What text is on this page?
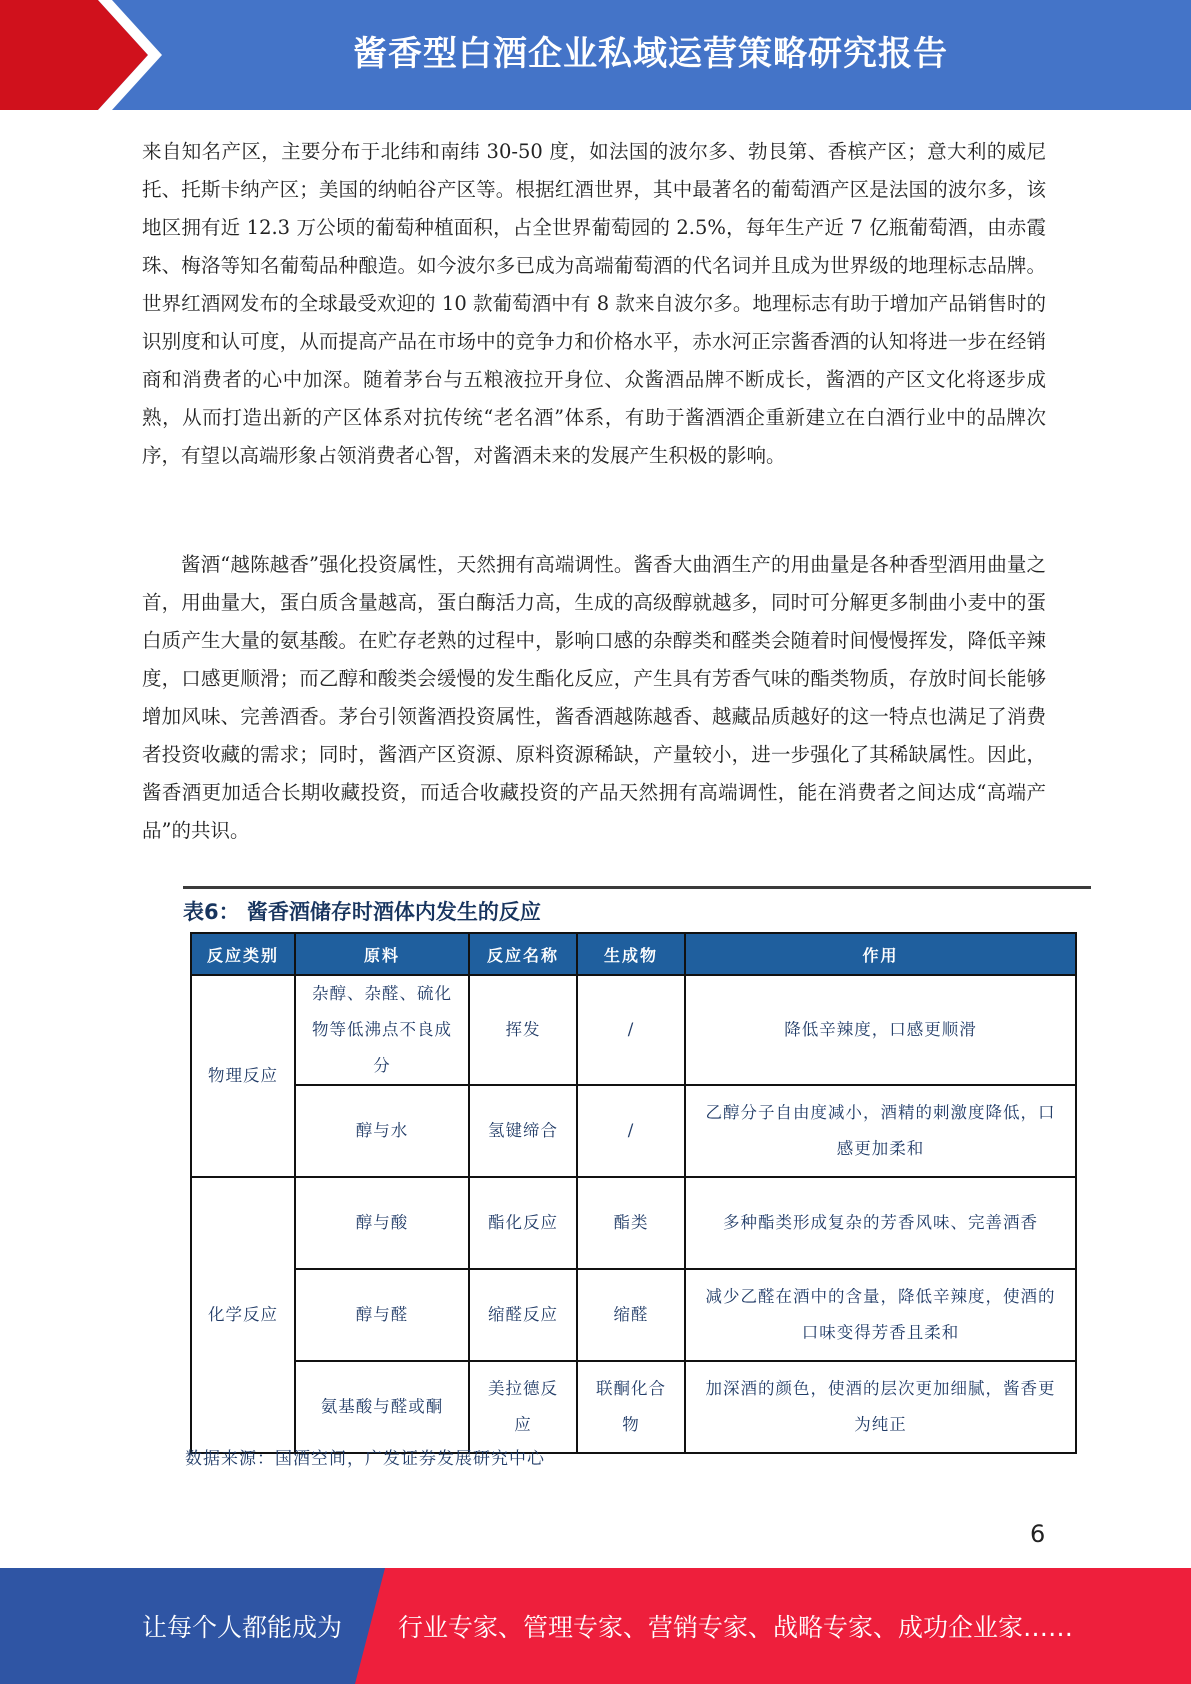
酱香型白酒企业私域运营策略研究报告
来自知名产区，主要分布于北纬和南纬 30-50 度，如法国的波尔多、勃艮第、香槟产区；意大利的威尼托、托斯卡纳产区；美国的纳帕谷产区等。根据红酒世界，其中最著名的葡萄酒产区是法国的波尔多，该地区拥有近 12.3 万公顷的葡萄种植面积，占全世界葡萄园的 2.5%，每年生产近 7 亿瓶葡萄酒，由赤霞珠、梅洛等知名葡萄品种酿造。如今波尔多已成为高端葡萄酒的代名词并且成为世界级的地理标志品牌。世界红酒网发布的全球最受欢迎的 10 款葡萄酒中有 8 款来自波尔多。地理标志有助于增加产品销售时的识别度和认可度，从而提高产品在市场中的竞争力和价格水平，赤水河正宗酱香酒的认知将进一步在经销商和消费者的心中加深。随着茅台与五粮液拉开身位、众酱酒品牌不断成长，酱酒的产区文化将逐步成熟，从而打造出新的产区体系对抗传统“老名酒”体系，有助于酱酒酒企重新建立在白酒行业中的品牌次序，有望以高端形象占领消费者心智，对酱酒未来的发展产生积极的影响。
酱酒“越陈越香”强化投资属性，天然拥有高端调性。酱香大曲酒生产的用曲量是各种香型酒用曲量之首，用曲量大，蛋白质含量越高，蛋白酶活力高，生成的高级醇就越多，同时可分解更多制曲小麦中的蛋白质产生大量的氨基酸。在贮存老熟的过程中，影响口感的杂醇类和醛类会随着时间慢慢挥发，降低辛辣度，口感更顺滑；而乙醇和酸类会缓慢的发生酯化反应，产生具有芳香气味的酯类物质，存放时间长能够增加风味、完善酒香。茅台引领酱酒投资属性，酱香酒越陈越香、越藏品质越好的这一特点也满足了消费者投资收藏的需求；同时，酱酒产区资源、原料资源稀缺，产量较小，进一步强化了其稀缺属性。因此，酱香酒更加适合长期收藏投资，而适合收藏投资的产品天然拥有高端调性，能在消费者之间达成“高端产品”的共识。
表6： 酱香酒储存时酒体内发生的反应
反应类别	原料	反应名称	生成物	作用
物理反应	杂醇、杂醛、硫化物等低沸点不良成分	挥发	/	降低辛辣度，口感更顺滑
	醇与水	氢键缔合	/	乙醇分子自由度减小，酒精的刺激度降低，口感更加柔和
化学反应	醇与酸	酯化反应	酯类	多种酯类形成复杂的芳香风味、完善酒香
	醇与醛	缩醛反应	缩醛	减少乙醛在酒中的含量，降低辛辣度，使酒的口味变得芳香且柔和
	氨基酸与醛或酮	美拉德反应	联酮化合物	加深酒的颜色，使酒的层次更加细腻，酱香更为纯正
数据来源：国酒空间，广发证券发展研究中心
6
让每个人都能成为 行业专家、管理专家、营销专家、战略专家、成功企业家……
